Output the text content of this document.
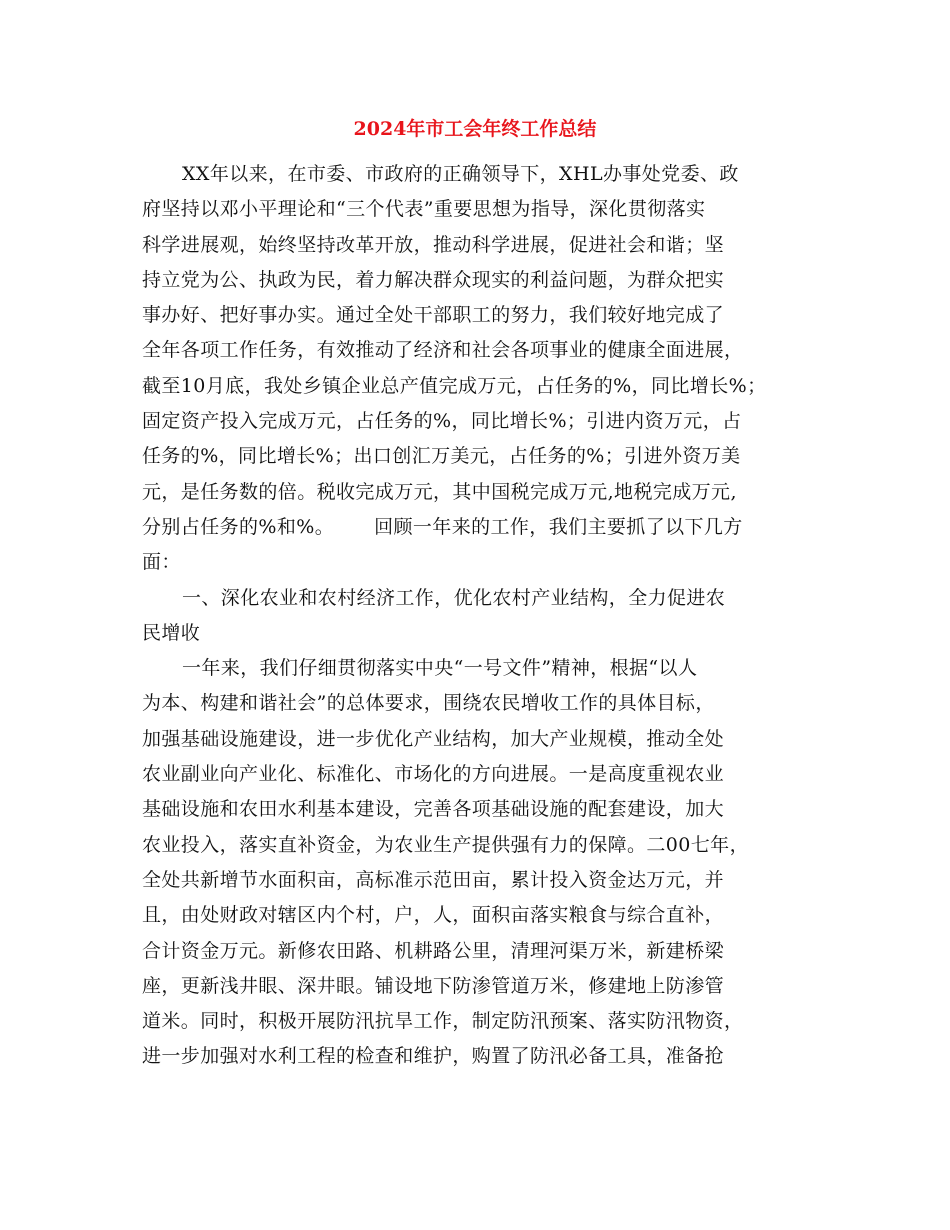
2024年市工会年终工作总结
XX年以来，在市委、市政府的正确领导下，XHL办事处党委、政
府坚持以邓小平理论和“三个代表”重要思想为指导，深化贯彻落实
科学进展观，始终坚持改革开放，推动科学进展，促进社会和谐；坚
持立党为公、执政为民，着力解决群众现实的利益问题，为群众把实
事办好、把好事办实。通过全处干部职工的努力，我们较好地完成了
全年各项工作任务，有效推动了经济和社会各项事业的健康全面进展，
截至10月底，我处乡镇企业总产值完成万元，占任务的%，同比增长%；
固定资产投入完成万元，占任务的%，同比增长%；引进内资万元，占
任务的%，同比增长%；出口创汇万美元，占任务的%；引进外资万美
元，是任务数的倍。税收完成万元，其中国税完成万元,地税完成万元,
分别占任务的%和%。 回顾一年来的工作，我们主要抓了以下几方
面：
一、深化农业和农村经济工作，优化农村产业结构，全力促进农
民增收
一年来，我们仔细贯彻落实中央“一号文件”精神，根据“以人
为本、构建和谐社会”的总体要求，围绕农民增收工作的具体目标，
加强基础设施建设，进一步优化产业结构，加大产业规模，推动全处
农业副业向产业化、标准化、市场化的方向进展。一是高度重视农业
基础设施和农田水利基本建设，完善各项基础设施的配套建设，加大
农业投入，落实直补资金，为农业生产提供强有力的保障。二00七年，
全处共新增节水面积亩，高标准示范田亩，累计投入资金达万元，并
且，由处财政对辖区内个村，户，人，面积亩落实粮食与综合直补，
合计资金万元。新修农田路、机耕路公里，清理河渠万米，新建桥梁
座，更新浅井眼、深井眼。铺设地下防渗管道万米，修建地上防渗管
道米。同时，积极开展防汛抗旱工作，制定防汛预案、落实防汛物资，
进一步加强对水利工程的检查和维护，购置了防汛必备工具，准备抢
